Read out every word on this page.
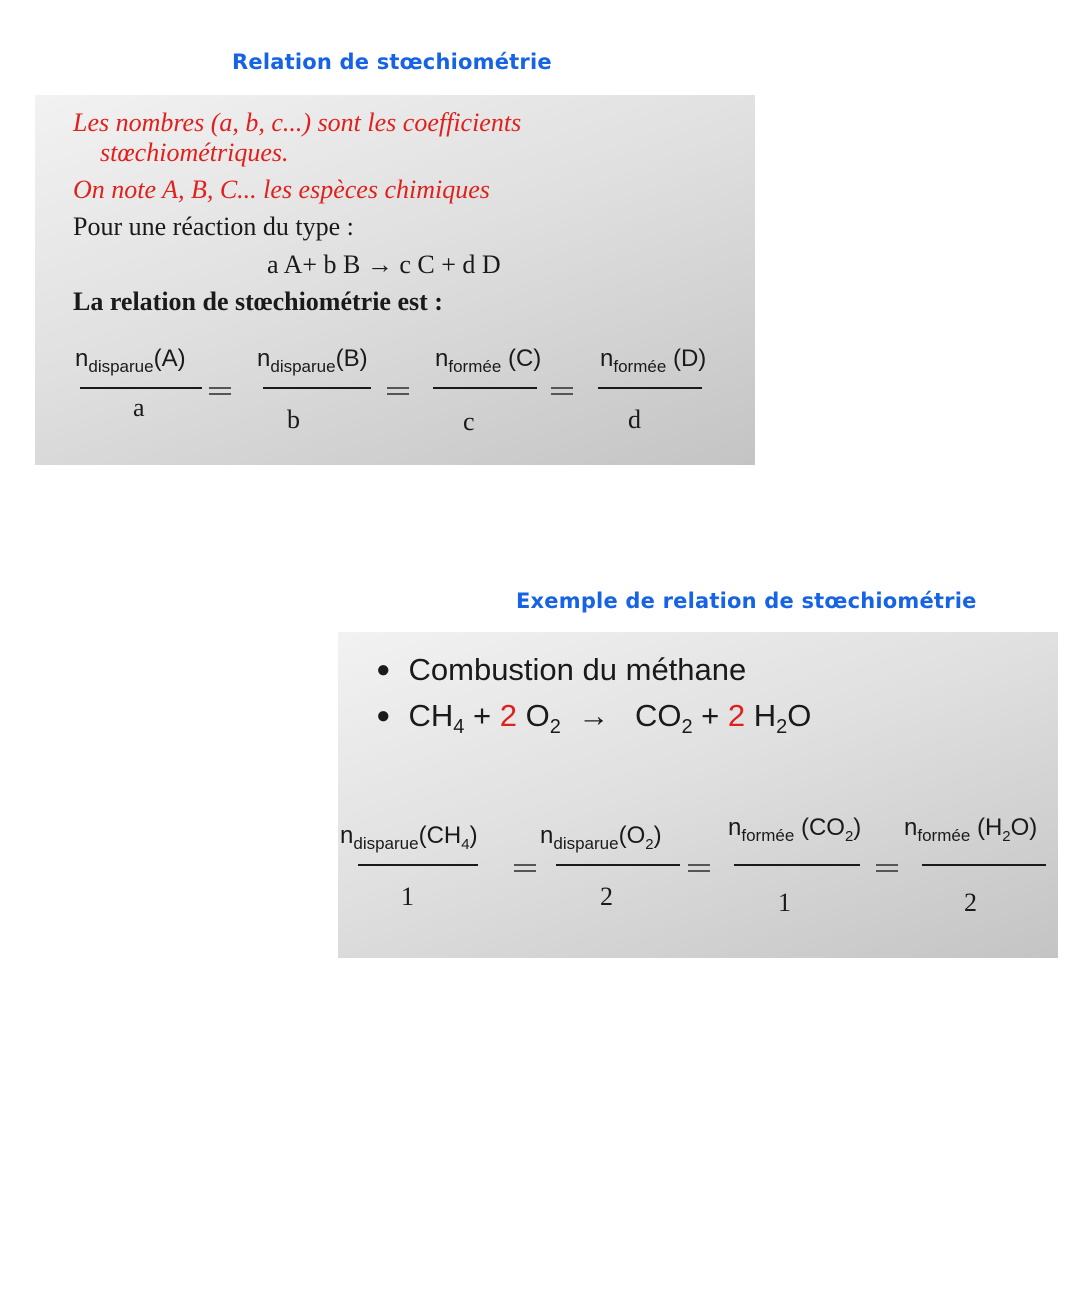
Relation de stœchiométrie
Les nombres (a, b, c...) sont les coefficients
stœchiométriques.
On note A, B, C... les espèces chimiques
Pour une réaction du type :
a A+ b B → c C + d D
La relation de stœchiométrie est :
$n_{disparue}(A)$
a
$n_{disparue}(B)$
b
$n_{formée}$ (C)
c
$n_{formée}$ (D)
d
Exemple de relation de stœchiométrie
● Combustion du méthane
● $CH_4 + 2$ $O_2 \to CO_2 + 2$ $H_2O$
$n_{disparue}(CH_4)$
1
$n_{disparue}(O_2)$
2
$n_{formée}$ $(CO_2)$
1
$n_{formée}$ $(H_2O)$
2
